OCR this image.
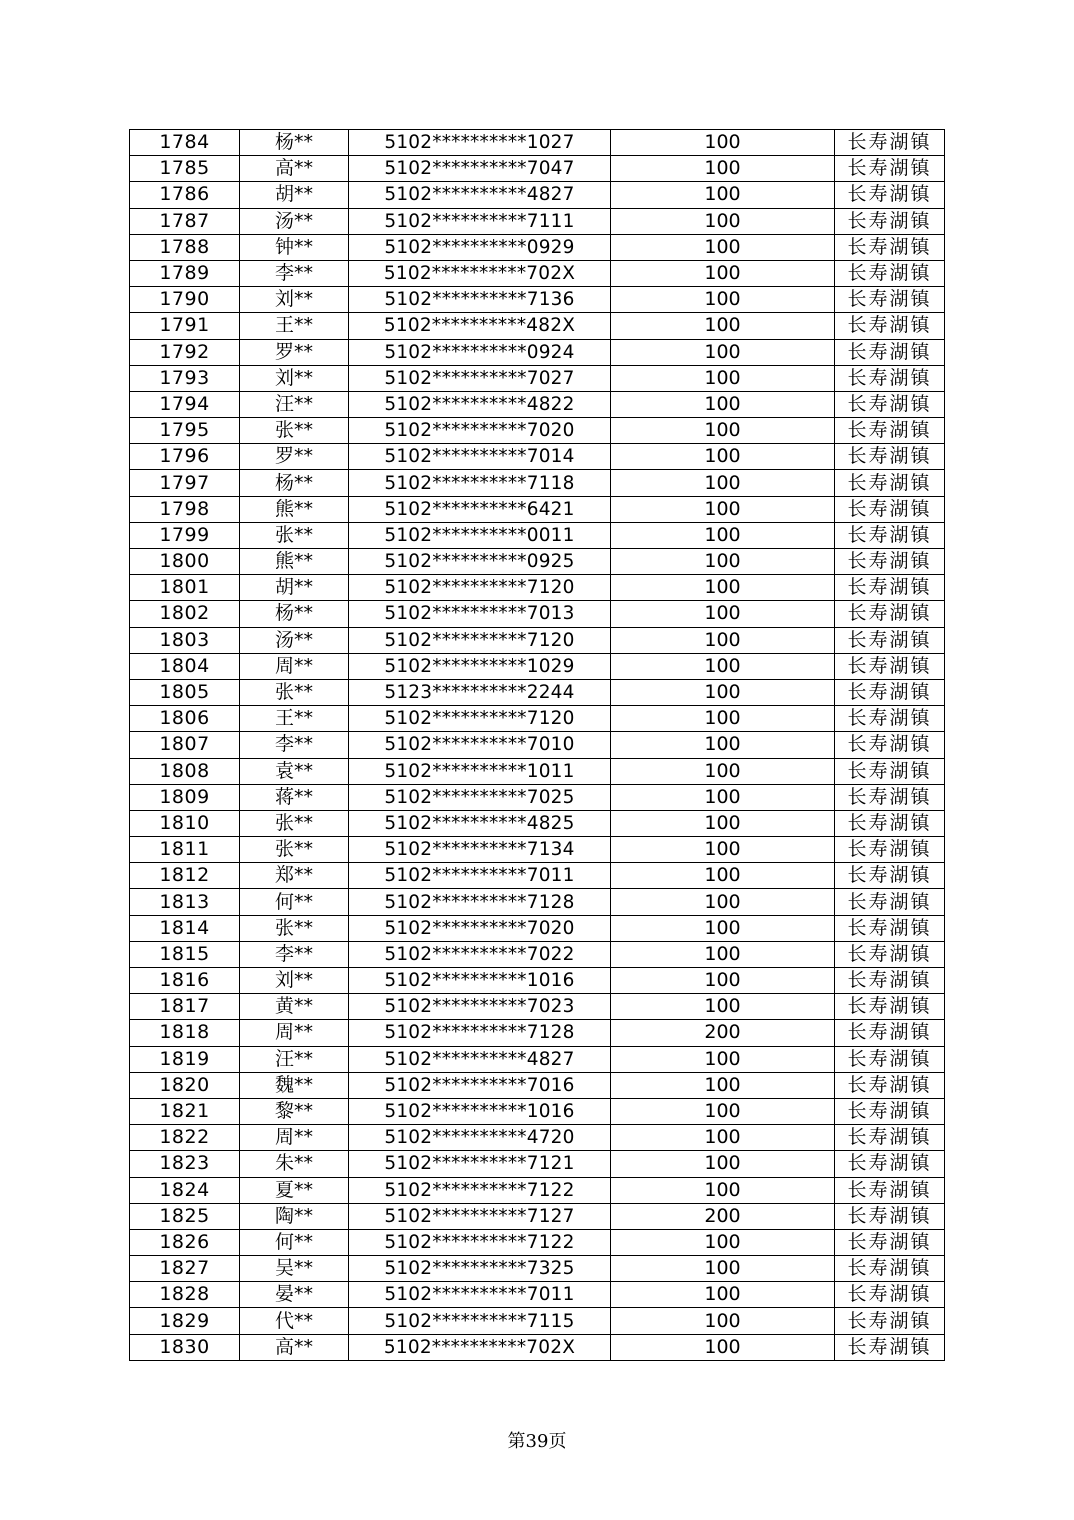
1784	杨**	5102**********1027	100	长寿湖镇
1785	高**	5102**********7047	100	长寿湖镇
1786	胡**	5102**********4827	100	长寿湖镇
1787	汤**	5102**********7111	100	长寿湖镇
1788	钟**	5102**********0929	100	长寿湖镇
1789	李**	5102**********702X	100	长寿湖镇
1790	刘**	5102**********7136	100	长寿湖镇
1791	王**	5102**********482X	100	长寿湖镇
1792	罗**	5102**********0924	100	长寿湖镇
1793	刘**	5102**********7027	100	长寿湖镇
1794	汪**	5102**********4822	100	长寿湖镇
1795	张**	5102**********7020	100	长寿湖镇
1796	罗**	5102**********7014	100	长寿湖镇
1797	杨**	5102**********7118	100	长寿湖镇
1798	熊**	5102**********6421	100	长寿湖镇
1799	张**	5102**********0011	100	长寿湖镇
1800	熊**	5102**********0925	100	长寿湖镇
1801	胡**	5102**********7120	100	长寿湖镇
1802	杨**	5102**********7013	100	长寿湖镇
1803	汤**	5102**********7120	100	长寿湖镇
1804	周**	5102**********1029	100	长寿湖镇
1805	张**	5123**********2244	100	长寿湖镇
1806	王**	5102**********7120	100	长寿湖镇
1807	李**	5102**********7010	100	长寿湖镇
1808	袁**	5102**********1011	100	长寿湖镇
1809	蒋**	5102**********7025	100	长寿湖镇
1810	张**	5102**********4825	100	长寿湖镇
1811	张**	5102**********7134	100	长寿湖镇
1812	郑**	5102**********7011	100	长寿湖镇
1813	何**	5102**********7128	100	长寿湖镇
1814	张**	5102**********7020	100	长寿湖镇
1815	李**	5102**********7022	100	长寿湖镇
1816	刘**	5102**********1016	100	长寿湖镇
1817	黄**	5102**********7023	100	长寿湖镇
1818	周**	5102**********7128	200	长寿湖镇
1819	汪**	5102**********4827	100	长寿湖镇
1820	魏**	5102**********7016	100	长寿湖镇
1821	黎**	5102**********1016	100	长寿湖镇
1822	周**	5102**********4720	100	长寿湖镇
1823	朱**	5102**********7121	100	长寿湖镇
1824	夏**	5102**********7122	100	长寿湖镇
1825	陶**	5102**********7127	200	长寿湖镇
1826	何**	5102**********7122	100	长寿湖镇
1827	吴**	5102**********7325	100	长寿湖镇
1828	晏**	5102**********7011	100	长寿湖镇
1829	代**	5102**********7115	100	长寿湖镇
1830	高**	5102**********702X	100	长寿湖镇
第39页
